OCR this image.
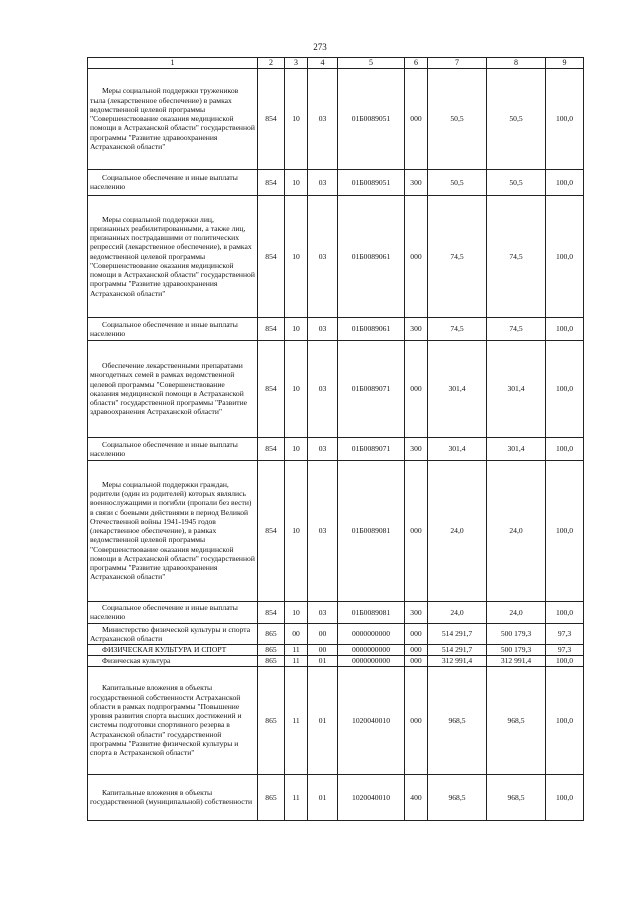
273
1	2	3	4	5	6	7	8	9
Меры социальной поддержки тружеников тыла (лекарственное обеспечение) в рамках ведомственной целевой программы "Совершенствование оказания медицинской помощи в Астраханской области" государственной программы "Развитие здравоохранения Астраханской области"	854	10	03	01Б0089051	000	50,5	50,5	100,0
Социальное обеспечение и иные выплаты населению	854	10	03	01Б0089051	300	50,5	50,5	100,0
Меры социальной поддержки лиц, признанных реабилитированными, а также лиц, признанных пострадавшими от политических репрессий (лекарственное обеспечение), в рамках ведомственной целевой программы "Совершенствование оказания медицинской помощи в Астраханской области" государственной программы "Развитие здравоохранения Астраханской области"	854	10	03	01Б0089061	000	74,5	74,5	100,0
Социальное обеспечение и иные выплаты населению	854	10	03	01Б0089061	300	74,5	74,5	100,0
Обеспечение лекарственными препаратами многодетных семей в рамках ведомственной целевой программы "Совершенствование оказания медицинской помощи в Астраханской области" государственной программы "Развитие здравоохранения Астраханской области"	854	10	03	01Б0089071	000	301,4	301,4	100,0
Социальное обеспечение и иные выплаты населению	854	10	03	01Б0089071	300	301,4	301,4	100,0
Меры социальной поддержки граждан, родители (один из родителей) которых являлись военнослужащими и погибли (пропали без вести) в связи с боевыми действиями в период Великой Отечественной войны 1941-1945 годов (лекарственное обеспечение), в рамках ведомственной целевой программы "Совершенствование оказания медицинской помощи в Астраханской области" государственной программы "Развитие здравоохранения Астраханской области"	854	10	03	01Б0089081	000	24,0	24,0	100,0
Социальное обеспечение и иные выплаты населению	854	10	03	01Б0089081	300	24,0	24,0	100,0
Министерство физической культуры и спорта Астраханской области	865	00	00	0000000000	000	514 291,7	500 179,3	97,3
ФИЗИЧЕСКАЯ КУЛЬТУРА И СПОРТ	865	11	00	0000000000	000	514 291,7	500 179,3	97,3
Физическая культура	865	11	01	0000000000	000	312 991,4	312 991,4	100,0
Капитальные вложения в объекты государственной собственности Астраханской области в рамках подпрограммы "Повышение уровня развития спорта высших достижений и системы подготовки спортивного резерва в Астраханской области" государственной программы "Развитие физической культуры и спорта в Астраханской области"	865	11	01	1020040010	000	968,5	968,5	100,0
Капитальные вложения в объекты государственной (муниципальной) собственности	865	11	01	1020040010	400	968,5	968,5	100,0
